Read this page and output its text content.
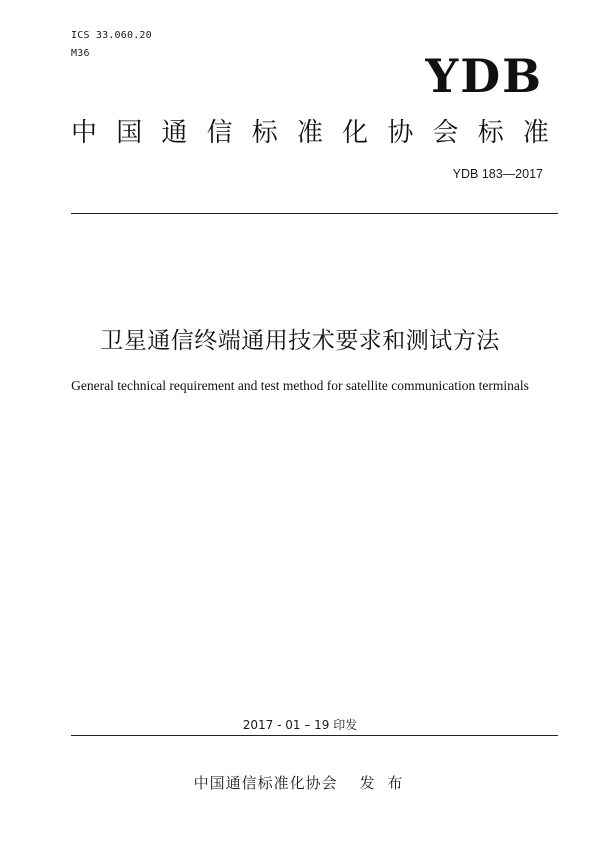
ICS 33.060.20
M36	YDB
中 国 通 信 标 准 化 协 会 标 准
YDB 183—2017
卫星通信终端通用技术要求和测试方法
General technical requirement and test method for satellite communication terminals
2017 - 01 – 19 印发
中国通信标准化协会 发 布
